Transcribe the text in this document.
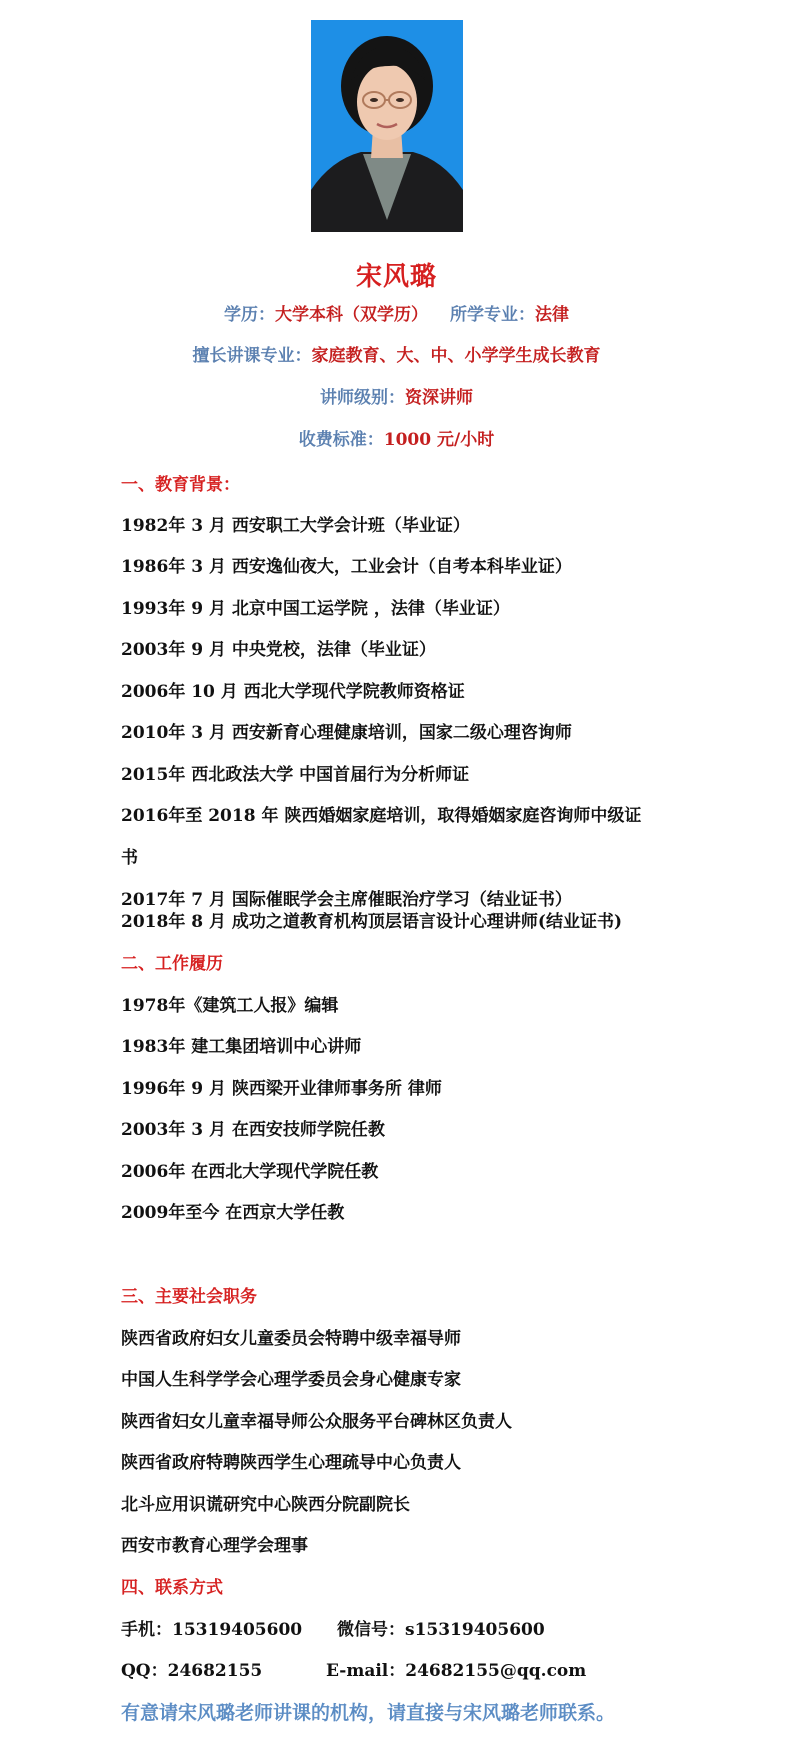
宋风璐
学历：大学本科（双学历） 所学专业：法律
擅长讲课专业：家庭教育、大、中、小学学生成长教育
讲师级别：资深讲师
收费标准：1000 元/小时
一、教育背景：
1982年 3 月 西安职工大学会计班（毕业证）
1986年 3 月 西安逸仙夜大，工业会计（自考本科毕业证）
1993年 9 月 北京中国工运学院 ，法律（毕业证）
2003年 9 月 中央党校，法律（毕业证）
2006年 10 月 西北大学现代学院教师资格证
2010年 3 月 西安新育心理健康培训，国家二级心理咨询师
2015年 西北政法大学 中国首届行为分析师证
2016年至 2018 年 陕西婚姻家庭培训，取得婚姻家庭咨询师中级证
书
2017年 7 月 国际催眠学会主席催眠治疗学习（结业证书）
2018年 8 月 成功之道教育机构顶层语言设计心理讲师(结业证书)
二、工作履历
1978年《建筑工人报》编辑
1983年 建工集团培训中心讲师
1996年 9 月 陕西梁开业律师事务所 律师
2003年 3 月 在西安技师学院任教
2006年 在西北大学现代学院任教
2009年至今 在西京大学任教
三、主要社会职务
陕西省政府妇女儿童委员会特聘中级幸福导师
中国人生科学学会心理学委员会身心健康专家
陕西省妇女儿童幸福导师公众服务平台碑林区负责人
陕西省政府特聘陕西学生心理疏导中心负责人
北斗应用识谎研究中心陕西分院副院长
西安市教育心理学会理事
四、联系方式
手机：15319405600 微信号：s15319405600
QQ：24682155	E-mail：24682155@qq.com
有意请宋风璐老师讲课的机构，请直接与宋风璐老师联系。
